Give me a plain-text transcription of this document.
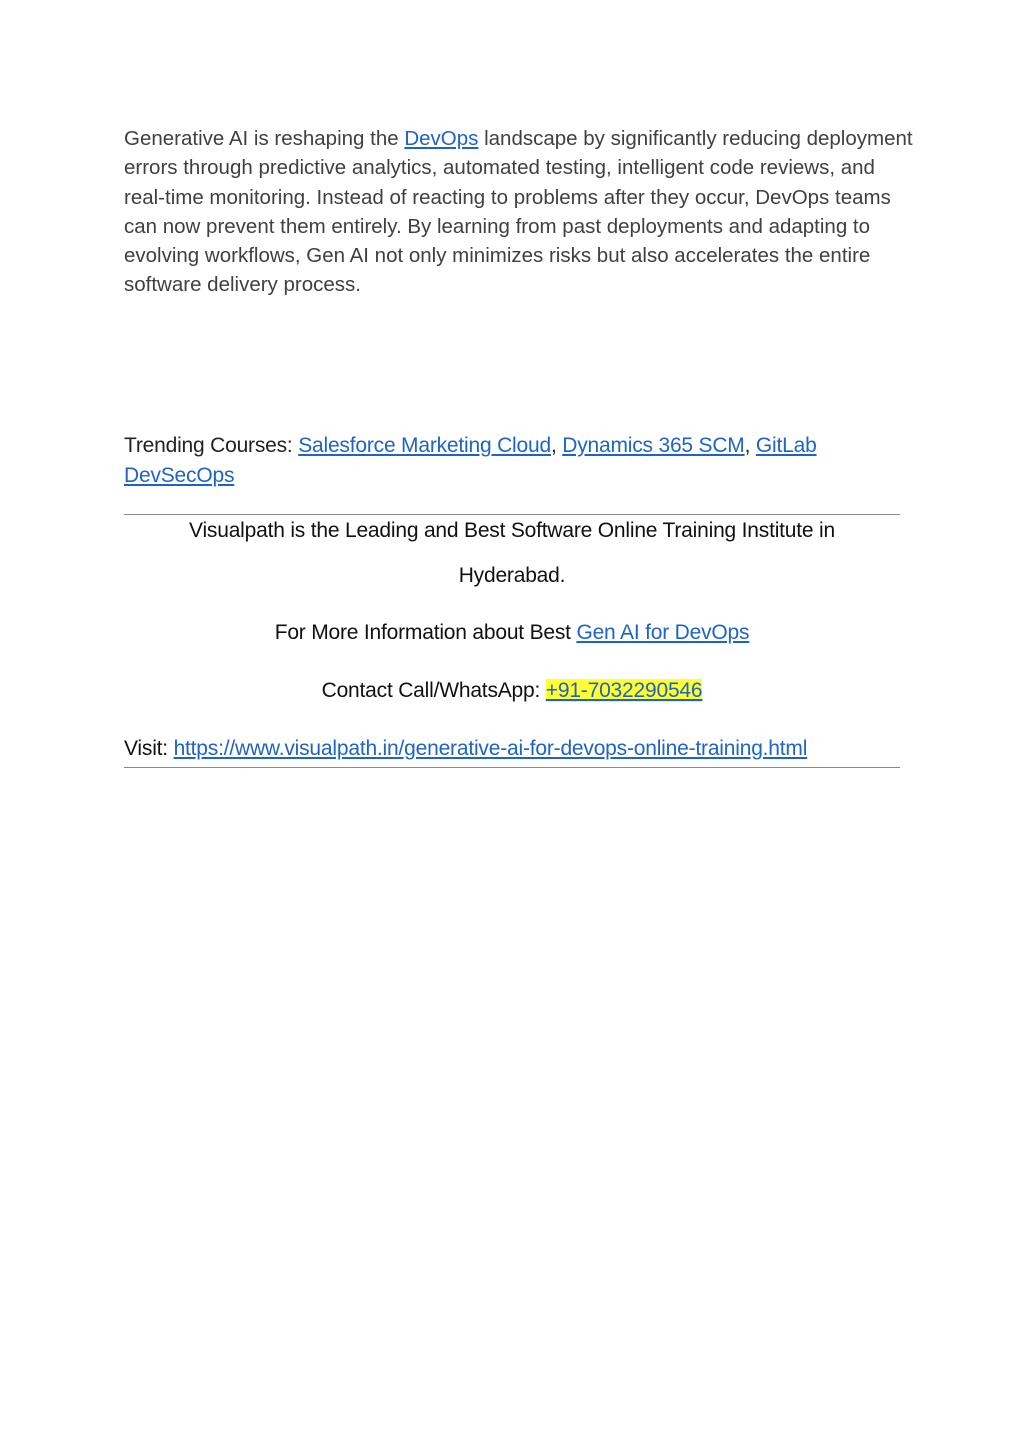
Generative AI is reshaping the DevOps landscape by significantly reducing deployment errors through predictive analytics, automated testing, intelligent code reviews, and real-time monitoring. Instead of reacting to problems after they occur, DevOps teams can now prevent them entirely. By learning from past deployments and adapting to evolving workflows, Gen AI not only minimizes risks but also accelerates the entire software delivery process.

Trending Courses: Salesforce Marketing Cloud, Dynamics 365 SCM, GitLab DevSecOps

Visualpath is the Leading and Best Software Online Training Institute in

Hyderabad.

For More Information about Best Gen AI for DevOps

Contact Call/WhatsApp: +91-7032290546

Visit: https://www.visualpath.in/generative-ai-for-devops-online-training.html
